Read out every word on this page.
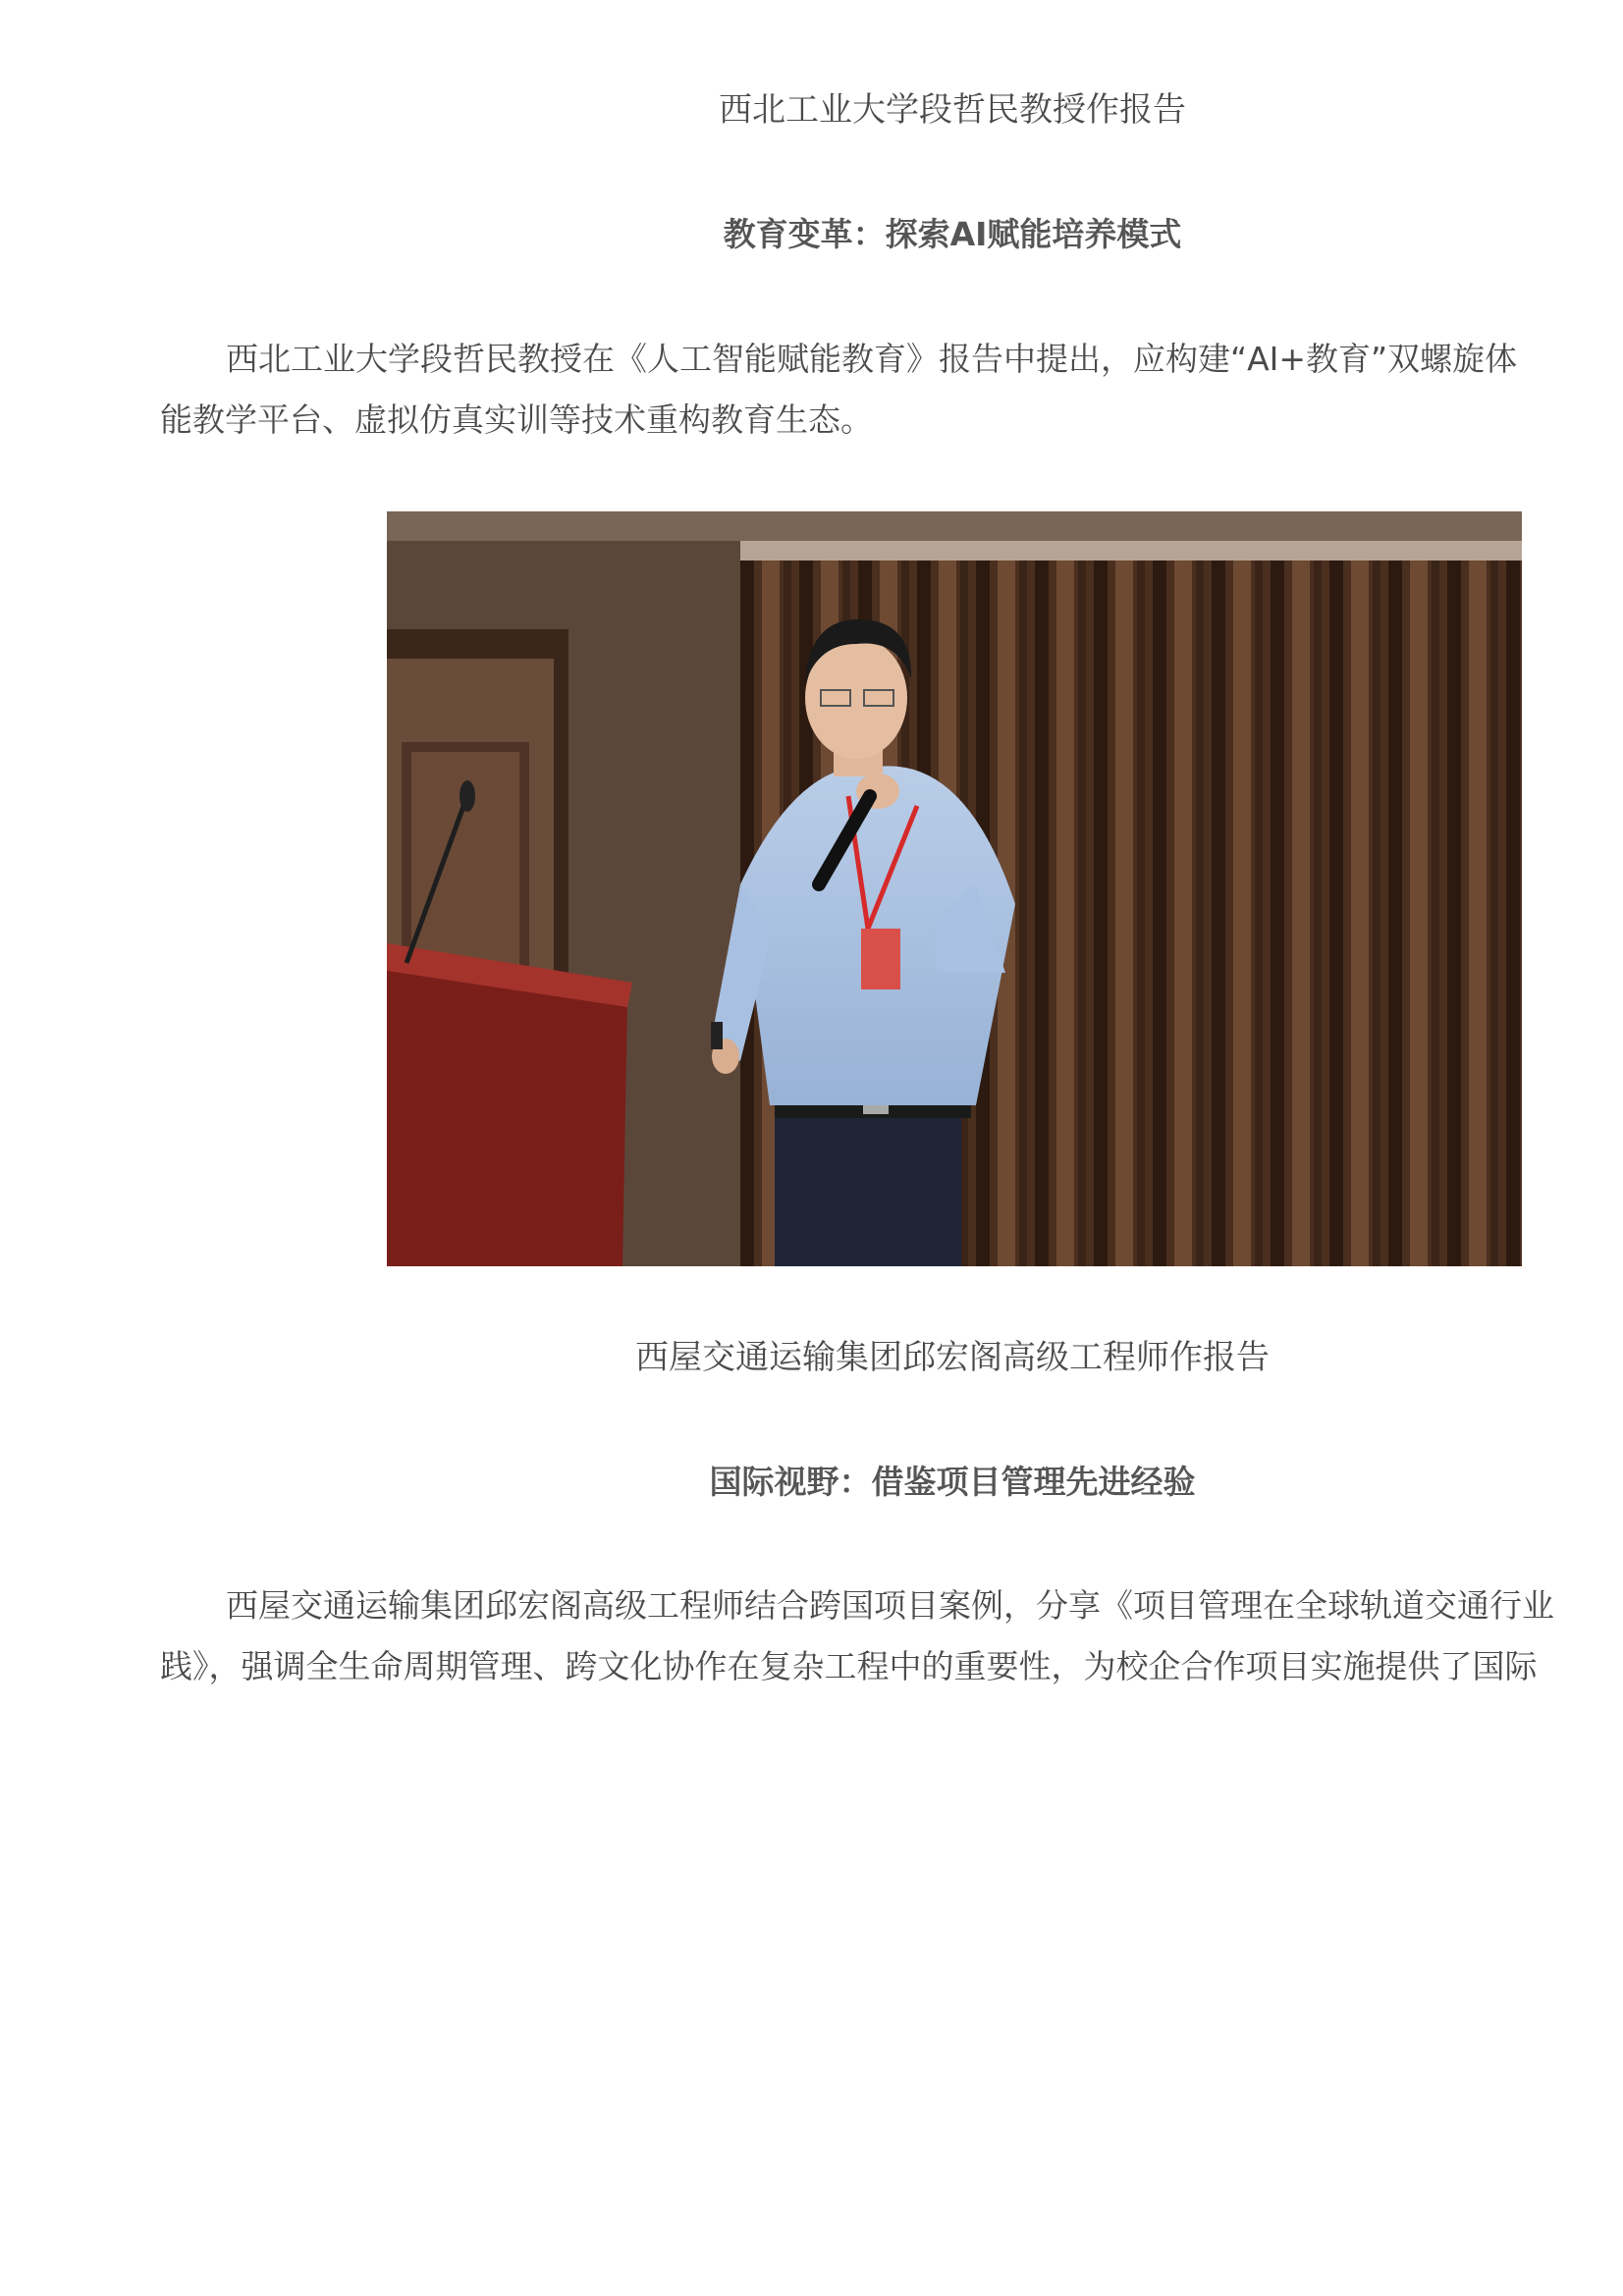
西北工业大学段哲民教授作报告
教育变革：探索AI赋能培养模式
西北工业大学段哲民教授在《人工智能赋能教育》报告中提出，应构建“AI+教育”双螺旋体
能教学平台、虚拟仿真实训等技术重构教育生态。
西屋交通运输集团邱宏阁高级工程师作报告
国际视野：借鉴项目管理先进经验
西屋交通运输集团邱宏阁高级工程师结合跨国项目案例，分享《项目管理在全球轨道交通行业
践》，强调全生命周期管理、跨文化协作在复杂工程中的重要性，为校企合作项目实施提供了国际
